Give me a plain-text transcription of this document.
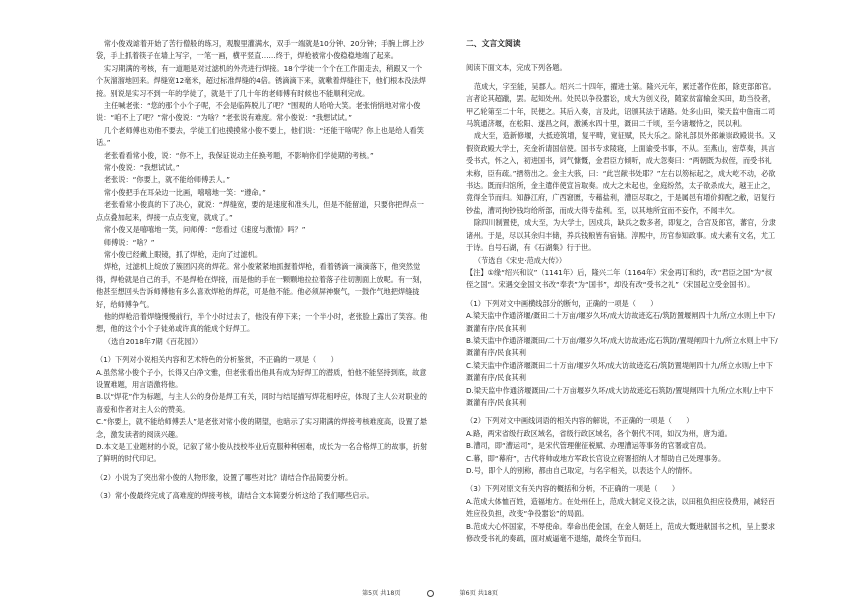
常小俊戏谑着开始了苦行僧般的练习，观腹里灌满水，双手一端就是10分钟、20分钟；手腕上绑上沙袋，手上抓着筷子在墙上写字，一笔一画，横平竖直……终于，焊枪被常小俊稳稳地端了起来。

实习期满的考核，有一道题是对过滤机的外壳进行焊接。18个学徒一个个在工作面走去，稍跟又一个个灰溜溜地回来。焊缝宽12毫米，超过标准焊缝的4倍。锈滴滴下来，就嗽着焊缝往下，他们根本没法焊接。别说是实习不到一年的学徒了，就是干了几十年的老师傅有时候也不能顺利完成。

主任喊老张：“您的那个小个子呢，不会是临阵脱儿了吧？”围观的人哈哈大笑。老张悄悄地对常小俊说：“咱不上了吧？”常小俊说：“为啥？”老张说有难度。常小俊说：“我想试试。”

几个老师傅也劝他不要去，学徒工们也摸摸常小俊不要上，他们说：“还能干啥呢？你上也是给人看笑话。”

老张看看常小俊，说：“你不上，我保证说动主任换考题，不影响你们学徒期的考核。”

常小俊说：“我想试试。”

老张说：“你要上，就不能给师傅丢人。”

常小俊把手在耳朵边一比画，嘻嘻地一笑：“遵命。”

老张看常小俊真的下了决心，就说：“焊缝宽，要的是速度和准头儿，但是不能留道，只要你把焊点一点点叠加起来，焊接一点点变宽，就成了。”

常小俊又是嘻嘻地一笑，问师傅：“您看过《速度与激情》吗？”

师傅说：“啥？”

常小俊已经戴上眼镜，抓了焊枪，走向了过滤机。

焊枪，过滤机上绽放了簇团闪亮的焊花。常小俊紧紧地抓握着焊枪，看着锈滴一滴滴落下，他突然觉得，焊枪就是自己的手，不是焊枪在焊接，而是他的手在一颗颗地拉拉着落子往切割面上放呢。有一刻，他甚至想回头告诉师傅他有多么喜欢焊枪的焊花，可是他不能。他必须屏神聚气，一鼓作气地把焊缝拢好，给师傅争气。

他的焊枪沿着焊缝慢慢前行，半个小时过去了，他没有停下来；一个半小时，老张脸上露出了笑容。他想，他的这个小个子徒弟或许真的能成个好焊工。

（选自2018年7期《百花园》）

（1）下列对小说相关内容和艺术特色的分析鉴赏，不正确的一项是（　　）

A.虽然常小俊个子小，长得又白净文雅，但老张看出他具有成为好焊工的潜质，怕他不能坚持到底，故意设置难题，用言语激将他。

B.以“焊花”作为标题，与主人公的身份是焊工有关，同时与结尾描写焊花相呼应，体现了主人公对职业的喜爱和作者对主人公的赞美。

C.“你要上，就不能给师傅丢人”是老张对常小俊的期望，也暗示了实习期满的焊接考核难度高，设置了悬念，激发读者的阅读兴趣。

D.本文是工业题材的小说，记叙了常小俊从技校毕业后克服种种困难，成长为一名合格焊工的故事，折射了鲜明的时代印记。

（2）小说为了突出常小俊的人物形象，设置了哪些对比？请结合作品简要分析。

（3）常小俊最终完成了高难度的焊接考核，请结合文本简要分析这给了我们哪些启示。

二、文言文阅读

阅读下面文本，完成下列各题。

范成大，字至能，吴郡人。绍兴二十四年，擢进士第。隆兴元年，累迁著作佐郎，除吏部郎官。言者论其超躐，罢。起知处州。处民以争役嚣讼，成大为创义役，随家贫富输金买田，助当役者，甲乙轮第至二十年，民便之。其后入奏，言及此，诏颁其法于诸路。处多山田，梁天监中詹南二司马筑通济堰，在松阳、遂昌之间，激溪水四十里，溉田二千顷，至今诸堰恃之，民以利。

成大至，造新修堰，大抵迹筑增，复平畴，宽征赋，民大乐之。除礼部员外郎兼崇政殿说书。又假资政殿大学士，充金祈请国信使。国书专求陵寝，上面谕受书事，不从。至燕山，密草奏，具言受书式，怀之入，初进国书，词气慷慨，金君臣方倾听，成大忽奏曰：“两朝既为叔侄，而受书礼未称，臣有疏。”搢笏出之。金主大骇，曰：“此岂献书处耶？”左右以笏标起之，成大屹不动，必欲书达。既而归馆所，金主遣伴使宣旨取奏。成大之未起也，金庭纷然，太子欲杀成大，越王止之，竟得全节而归。知静江府，广西窘匮，专藉盐利，漕臣尽取之，于是属邑有增价抑配之敝，诏复行钞盐，漕司拘钞钱均给所部，而成大得专盐利。至，以其地所宜而不妄作，不闻丰欠。

除四川制置使，成大至，为大学士，因戍兵，缺兵之数多者，即复之，合宫及郎官，蕃官，分隶诸州。于是，尽以其余归丰储，养兵钱粮皆有宿储。淳熙中，历官参知政事。成大素有文名，尤工于诗。自号石湖，有《石湖集》行于世。

（节选自《宋史·范成大传》）

【注】①缘“绍兴和议”（1141年）后，隆兴二年（1164年）宋金再订和约，改“君臣之国”为“叔侄之国”。宋遇交金国文书改“奉表”为“国书”，却没有改“受书之礼”（宋国起立受金国书）。

（1）下列对文中画横线部分的断句，正确的一项是（　　）

A.梁天监中作通济堰/溉田二十万亩/堰岁久坏/成大访故迹迄石/筑防置堰闸四十九所/立水则上中下/溉灌有序/民食其利

B.梁天监中作通济堰溉田/二十万亩/堰岁久坏/成大访故迹/迄石筑防/置堤闸四十九/所立水则上中下/溉灌有序/民食其利

C.梁天监中作通济堰溉田二十万亩/堰岁久坏/成大访故迹迄石/筑防置堤闸四十九/所立水则/上中下溉灌有序/民食其利

D.梁天监中作通济堰溉田/二十万亩堰岁久坏/成大访故迹迄石筑防/置堤闸四十九所/立水则/上中下溉灌有序/民食其利

（2）下列对文中画线词语的相关内容的解说，不正确的一项是（　　）

A.路，两宋省级行政区域名，省级行政区域名，各个朝代不同，如汉为州，唐为道。

B.漕司，即“漕运司”，是宋代管理催征税赋、办理漕运等事务的官署或官员。

C.幕，即“幕府”，古代将帅或地方军政长官设立府署招纳人才帮助自己处理事务。

D.号，即个人的别称，都由自己取定，与名字相关，以表达个人的情怀。

（3）下列对原文有关内容的概括和分析，不正确的一项是（　　）

A.范成大体恤百姓，造福地方。在处州任上，范成大制定义役之法，以田租负担应役费用，减轻百姓应役负担，改变“争役嚣讼”的局面。

B.范成大心怀国家，不辱使命。奉命出使金国，在金人朝廷上，范成大慨进献国书之机，呈上要求修改受书礼的奏疏，面对威逼毫不退缩，最终全节而归。

第5页 共18页	第6页 共18页
